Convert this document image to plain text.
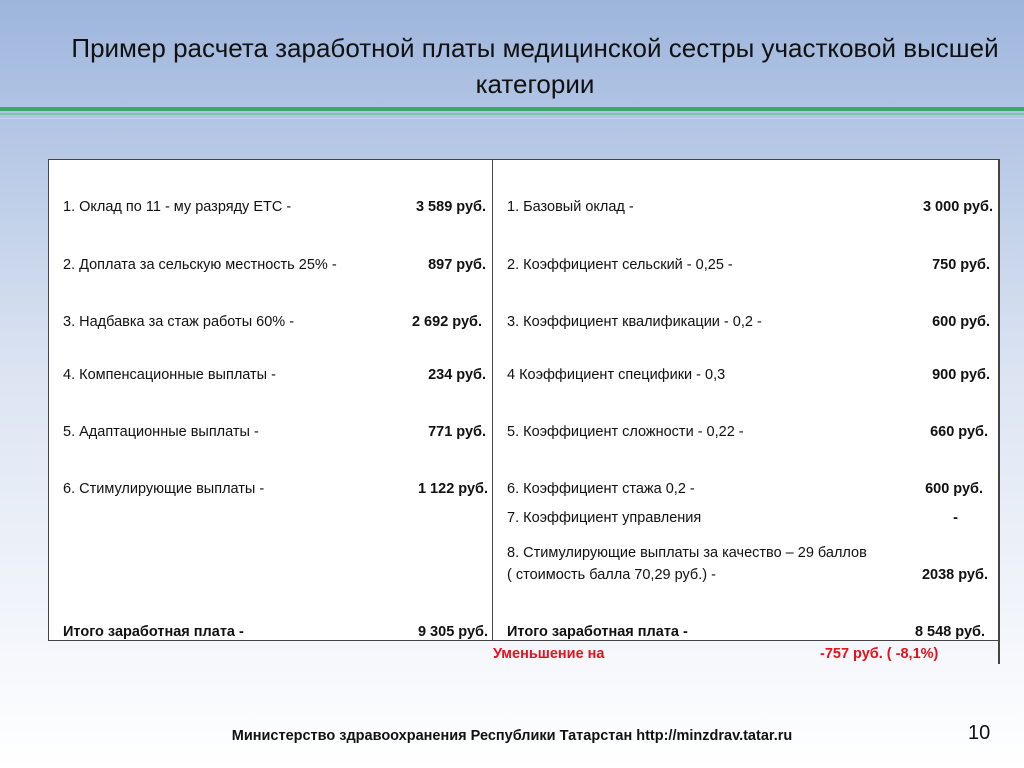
Пример расчета заработной платы медицинской сестры участковой высшей категории
1. Оклад по 11 - му разряду ЕТС -	3 589 руб.
2. Доплата за сельскую местность 25% -	897 руб.
3. Надбавка за стаж работы 60% -	2 692 руб.
4. Компенсационные выплаты -	234 руб.
5. Адаптационные выплаты -	771 руб.
6. Стимулирующие выплаты -	1 122 руб.
Итого заработная плата -	9 305 руб.
1. Базовый оклад -	3 000 руб.
2. Коэффициент сельский - 0,25 -	750 руб.
3. Коэффициент квалификации - 0,2 -	600 руб.
4 Коэффициент специфики - 0,3	900 руб.
5. Коэффициент сложности - 0,22 -	660 руб.
6. Коэффициент стажа 0,2 -	600 руб.
7. Коэффициент управления	-
8. Стимулирующие выплаты за качество – 29 баллов
( стоимость балла 70,29 руб.) -	2038 руб.
Итого заработная плата -	8 548 руб.
Уменьшение на	-757 руб. ( -8,1%)
Министерство здравоохранения Республики Татарстан http://minzdrav.tatar.ru	10
